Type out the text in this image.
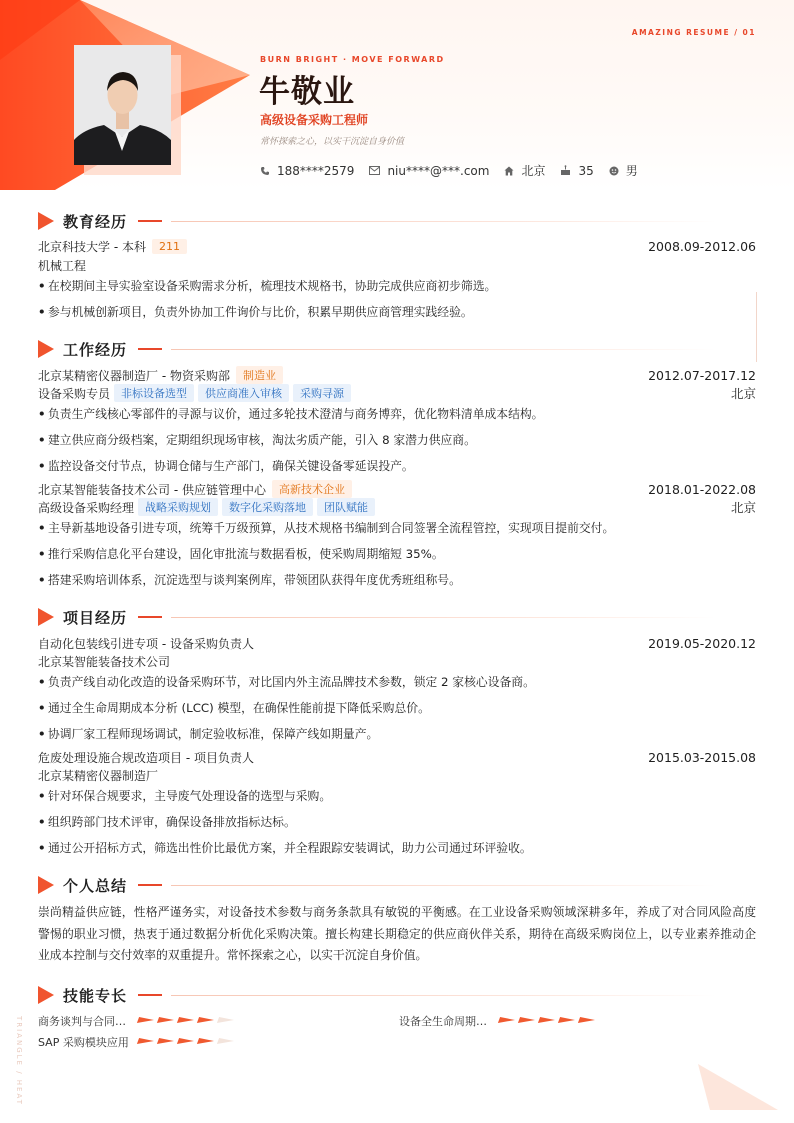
AMAZING RESUME / 01
BURN BRIGHT · MOVE FORWARD
牛敬业
高级设备采购工程师
常怀探索之心，以实干沉淀自身价值
188****2579	niu****@***.com	北京	35	男
教育经历
北京科技大学 - 本科	211	2008.09-2012.06
机械工程
• 在校期间主导实验室设备采购需求分析，梳理技术规格书，协助完成供应商初步筛选。
• 参与机械创新项目，负责外协加工件询价与比价，积累早期供应商管理实践经验。
工作经历
北京某精密仪器制造厂 - 物资采购部	制造业	2012.07-2017.12
设备采购专员	非标设备选型	供应商准入审核	采购寻源	北京
• 负责生产线核心零部件的寻源与议价，通过多轮技术澄清与商务博弈，优化物料清单成本结构。
• 建立供应商分级档案，定期组织现场审核，淘汰劣质产能，引入 8 家潜力供应商。
• 监控设备交付节点，协调仓储与生产部门，确保关键设备零延误投产。
北京某智能装备技术公司 - 供应链管理中心	高新技术企业	2018.01-2022.08
高级设备采购经理	战略采购规划	数字化采购落地	团队赋能	北京
• 主导新基地设备引进专项，统筹千万级预算，从技术规格书编制到合同签署全流程管控，实现项目提前交付。
• 推行采购信息化平台建设，固化审批流与数据看板，使采购周期缩短 35%。
• 搭建采购培训体系，沉淀选型与谈判案例库，带领团队获得年度优秀班组称号。
项目经历
自动化包装线引进专项 - 设备采购负责人	2019.05-2020.12
北京某智能装备技术公司
• 负责产线自动化改造的设备采购环节，对比国内外主流品牌技术参数，锁定 2 家核心设备商。
• 通过全生命周期成本分析 (LCC) 模型，在确保性能前提下降低采购总价。
• 协调厂家工程师现场调试，制定验收标准，保障产线如期量产。
危废处理设施合规改造项目 - 项目负责人	2015.03-2015.08
北京某精密仪器制造厂
• 针对环保合规要求，主导废气处理设备的选型与采购。
• 组织跨部门技术评审，确保设备排放指标达标。
• 通过公开招标方式，筛选出性价比最优方案，并全程跟踪安装调试，助力公司通过环评验收。
个人总结
崇尚精益供应链，性格严谨务实，对设备技术参数与商务条款具有敏锐的平衡感。在工业设备采购领域深耕多年，养成了对合同风险高度警惕的职业习惯，热衷于通过数据分析优化采购决策。擅长构建长期稳定的供应商伙伴关系，期待在高级采购岗位上，以专业素养推动企业成本控制与交付效率的双重提升。常怀探索之心，以实干沉淀自身价值。
技能专长
商务谈判与合同…	设备全生命周期…
SAP 采购模块应用
TRIANGLE / HEAT
